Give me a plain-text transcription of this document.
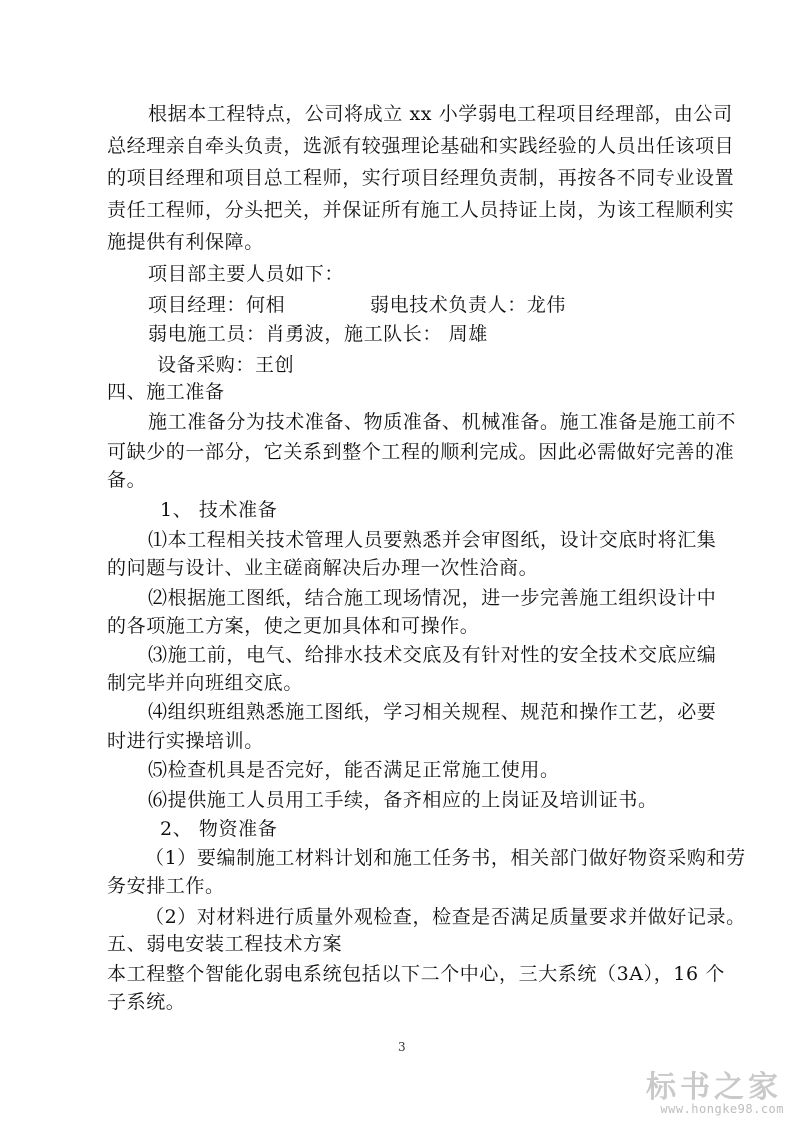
根据本工程特点，公司将成立 xx 小学弱电工程项目经理部，由公司
总经理亲自牵头负责，选派有较强理论基础和实践经验的人员出任该项目
的项目经理和项目总工程师，实行项目经理负责制，再按各不同专业设置
责任工程师，分头把关，并保证所有施工人员持证上岗，为该工程顺利实
施提供有利保障。
项目部主要人员如下：
项目经理：何相	弱电技术负责人：龙伟
弱电施工员：肖勇波， 施工队长： 周雄
设备采购：王创
四、施工准备
施工准备分为技术准备、物质准备、机械准备。施工准备是施工前不
可缺少的一部分，它关系到整个工程的顺利完成。因此必需做好完善的准
备。
1、 技术准备
⑴本工程相关技术管理人员要熟悉并会审图纸，设计交底时将汇集
的问题与设计、业主磋商解决后办理一次性洽商。
⑵根据施工图纸，结合施工现场情况，进一步完善施工组织设计中
的各项施工方案，使之更加具体和可操作。
⑶施工前，电气、给排水技术交底及有针对性的安全技术交底应编
制完毕并向班组交底。
⑷组织班组熟悉施工图纸，学习相关规程、规范和操作工艺，必要
时进行实操培训。
⑸检查机具是否完好，能否满足正常施工使用。
⑹提供施工人员用工手续，备齐相应的上岗证及培训证书。
2、 物资准备
（1）要编制施工材料计划和施工任务书，相关部门做好物资采购和劳
务安排工作。
（2）对材料进行质量外观检查，检查是否满足质量要求并做好记录。
五、弱电安装工程技术方案
本工程整个智能化弱电系统包括以下二个中心，三大系统（3A），16 个
子系统。
3
标书之家
www.hongke98.com
